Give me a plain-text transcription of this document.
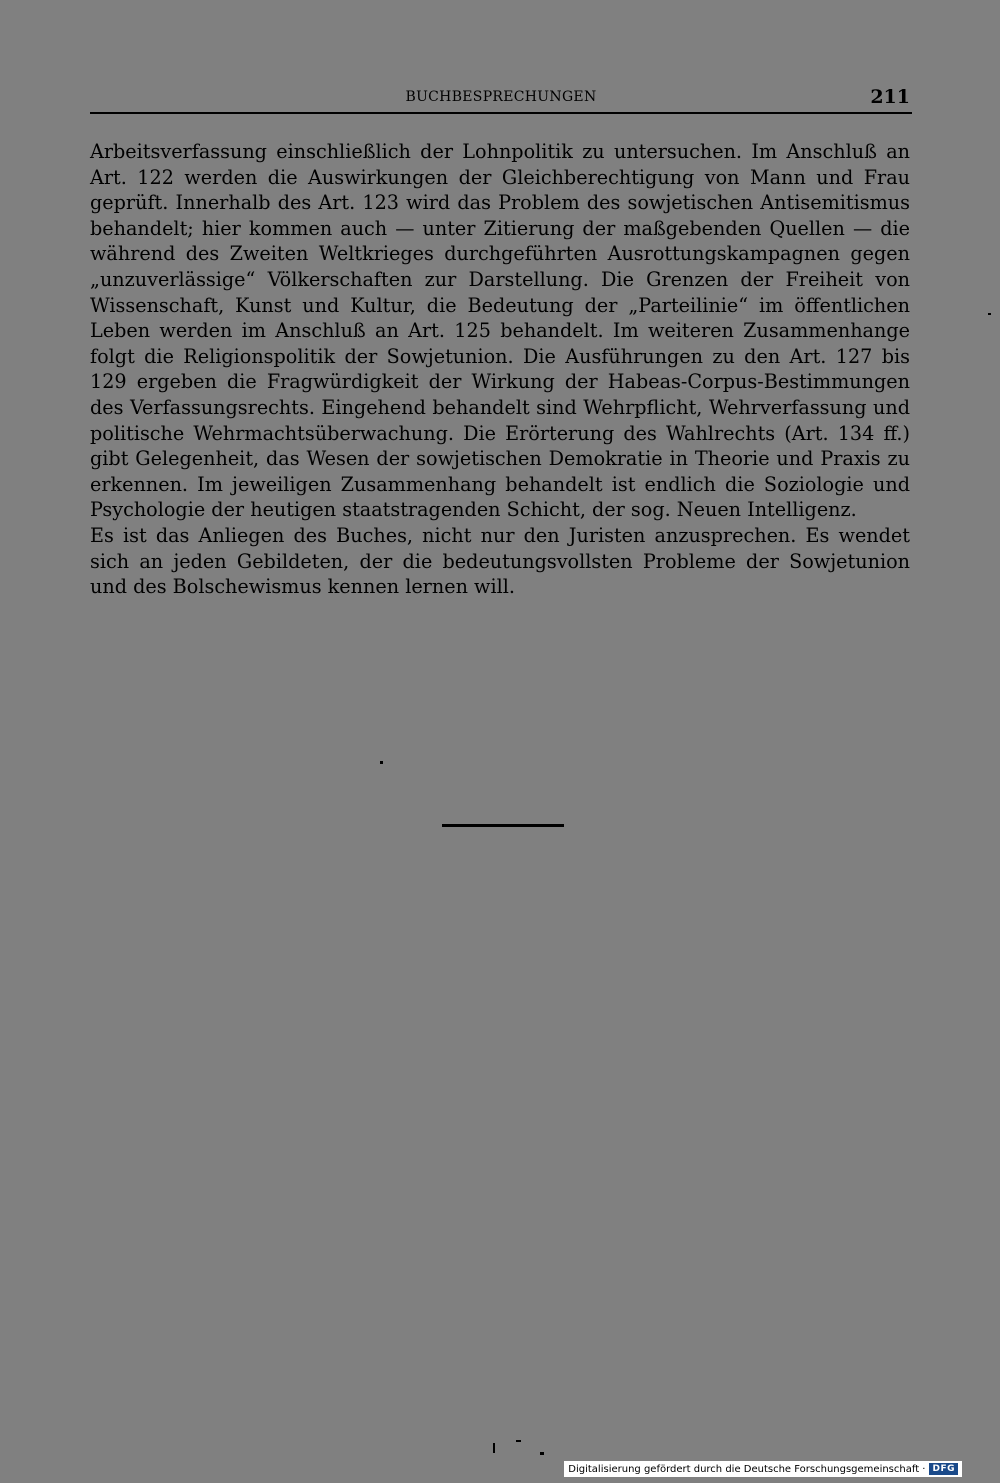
BUCHBESPRECHUNGEN	211

Arbeitsverfassung einschließlich der Lohnpolitik zu untersuchen. Im Anschluß an Art. 122 werden die Auswirkungen der Gleichberechtigung von Mann und Frau geprüft. Innerhalb des Art. 123 wird das Problem des sowjetischen Antisemitismus behandelt; hier kommen auch — unter Zitierung der maßgebenden Quellen — die während des Zweiten Weltkrieges durchgeführten Ausrottungskampagnen gegen „unzuverlässige“ Völkerschaften zur Darstellung. Die Grenzen der Freiheit von Wissenschaft, Kunst und Kultur, die Bedeutung der „Parteilinie“ im öffentlichen Leben werden im Anschluß an Art. 125 behandelt. Im weiteren Zusammenhange folgt die Religionspolitik der Sowjetunion. Die Ausführungen zu den Art. 127 bis 129 ergeben die Fragwürdigkeit der Wirkung der Habeas-Corpus-Bestimmungen des Verfassungsrechts. Eingehend behandelt sind Wehrpflicht, Wehrverfassung und politische Wehrmachtsüberwachung. Die Erörterung des Wahlrechts (Art. 134 ff.) gibt Gelegenheit, das Wesen der sowjetischen Demokratie in Theorie und Praxis zu erkennen. Im jeweiligen Zusammenhang behandelt ist endlich die Soziologie und Psychologie der heutigen staatstragenden Schicht, der sog. Neuen Intelligenz.

Es ist das Anliegen des Buches, nicht nur den Juristen anzusprechen. Es wendet sich an jeden Gebildeten, der die bedeutungsvollsten Probleme der Sowjetunion und des Bolschewismus kennen lernen will.

Digitalisierung gefördert durch die Deutsche Forschungsgemeinschaft · DFG
